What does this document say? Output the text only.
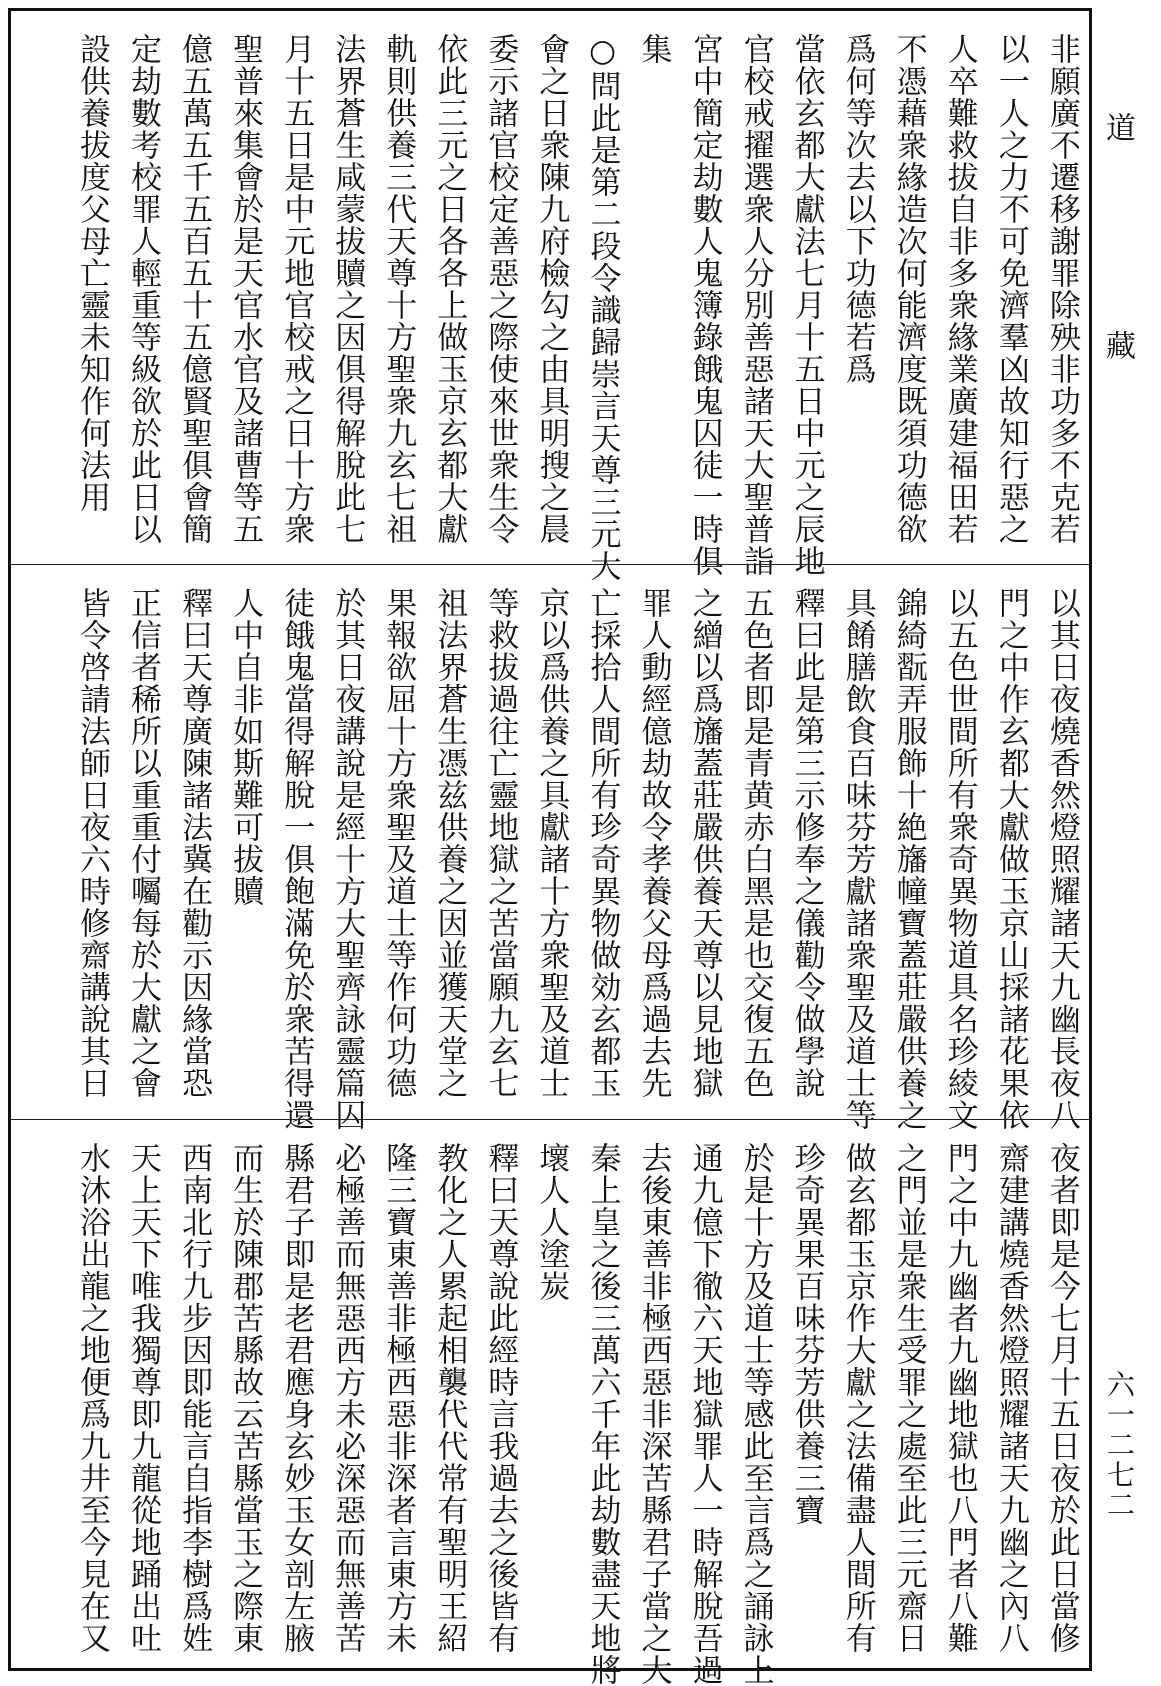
非願廣不遷移謝罪除殃非功多不克若
以一人之力不可免濟羣凶故知行惡之
人卒難救拔自非多衆緣業廣建福田若
不憑藉衆緣造次何能濟度既須功德欲
爲何等次去以下功德若爲
當依玄都大獻法七月十五日中元之辰地
官校戒擢選衆人分別善惡諸天大聖普詣
宮中簡定劫數人鬼簿錄餓鬼囚徒一時俱
集
○問此是第二段令識歸崇言天尊三元大
會之日衆陳九府檢勾之由具明搜之晨
委示諸官校定善惡之際使來世衆生令
依此三元之日各各上做玉京玄都大獻
軌則供養三代天尊十方聖衆九玄七祖
法界蒼生咸蒙拔贖之因俱得解脫此七
月十五日是中元地官校戒之日十方衆
聖普來集會於是天官水官及諸曹等五
億五萬五千五百五十五億賢聖俱會簡
定劫數考校罪人輕重等級欲於此日以
設供養拔度父母亡靈未知作何法用
以其日夜燒香然燈照耀諸天九幽長夜八
門之中作玄都大獻做玉京山採諸花果依
以五色世間所有衆奇異物道具名珍綾文
錦綺翫弄服飾十絶旛幢寶蓋莊嚴供養之
具餚膳飲食百味芬芳獻諸衆聖及道士等
釋曰此是第三示修奉之儀勸令做學說
五色者即是青黄赤白黑是也交復五色
之繒以爲旛蓋莊嚴供養天尊以見地獄
罪人動經億劫故令孝養父母爲過去先
亡採拾人間所有珍奇異物做効玄都玉
京以爲供養之具獻諸十方衆聖及道士
等救拔過往亡靈地獄之苦當願九玄七
祖法界蒼生憑兹供養之因並獲天堂之
果報欲屈十方衆聖及道士等作何功德
於其日夜講說是經十方大聖齊詠靈篇囚
徒餓鬼當得解脫一俱飽滿免於衆苦得還
人中自非如斯難可拔贖
釋曰天尊廣陳諸法冀在勸示因緣當恐
正信者稀所以重重付囑每於大獻之會
皆令啓請法師日夜六時修齋講說其日
夜者即是今七月十五日夜於此日當修
齋建講燒香然燈照耀諸天九幽之內八
門之中九幽者九幽地獄也八門者八難
之門並是衆生受罪之處至此三元齋日
做玄都玉京作大獻之法備盡人間所有
珍奇異果百味芬芳供養三寶
於是十方及道士等感此至言爲之誦詠上
通九億下徹六天地獄罪人一時解脫吾過
去後東善非極西惡非深苦縣君子當之大
秦上皇之後三萬六千年此劫數盡天地將
壞人人塗炭
釋曰天尊說此經時言我過去之後皆有
教化之人累起相襲代代常有聖明王紹
隆三寶東善非極西惡非深者言東方未
必極善而無惡西方未必深惡而無善苦
縣君子即是老君應身玄妙玉女剖左腋
而生於陳郡苦縣故云苦縣當玉之際東
西南北行九步因即能言自指李樹爲姓
天上天下唯我獨尊即九龍從地踊出吐
水沐浴出龍之地便爲九井至今見在又
道
藏
六一二七二
